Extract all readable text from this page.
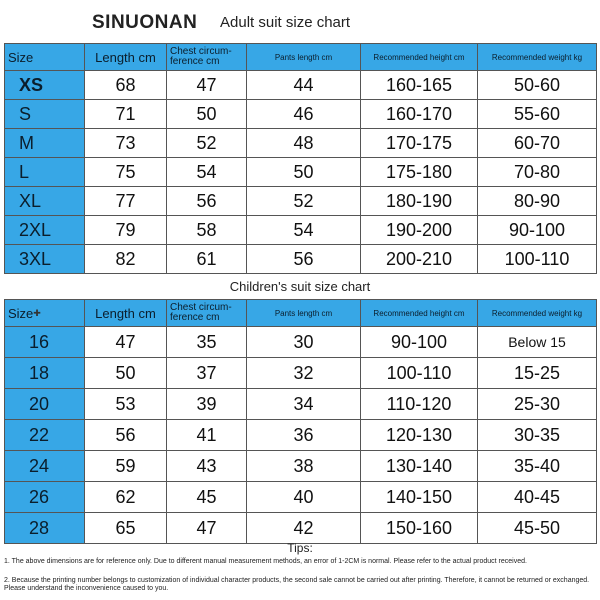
SINUONAN Adult suit size chart
Size	Length cm	Chest circum-ference cm	Pants length cm	Recommended height cm	Recommended weight kg
XS	68	47	44	160-165	50-60
S	71	50	46	160-170	55-60
M	73	52	48	170-175	60-70
L	75	54	50	175-180	70-80
XL	77	56	52	180-190	80-90
2XL	79	58	54	190-200	90-100
3XL	82	61	56	200-210	100-110
Children's suit size chart
Size✚	Length cm	Chest circum-ference cm	Pants length cm	Recommended height cm	Recommended weight kg
16	47	35	30	90-100	Below 15
18	50	37	32	100-110	15-25
20	53	39	34	110-120	25-30
22	56	41	36	120-130	30-35
24	59	43	38	130-140	35-40
26	62	45	40	140-150	40-45
28	65	47	42	150-160	45-50
Tips:
1. The above dimensions are for reference only. Due to different manual measurement methods, an error of 1-2CM is normal. Please refer to the actual product received.
2. Because the printing number belongs to customization of individual character products, the second sale cannot be carried out after printing. Therefore, it cannot be returned or exchanged. Please understand the inconvenience caused to you.
